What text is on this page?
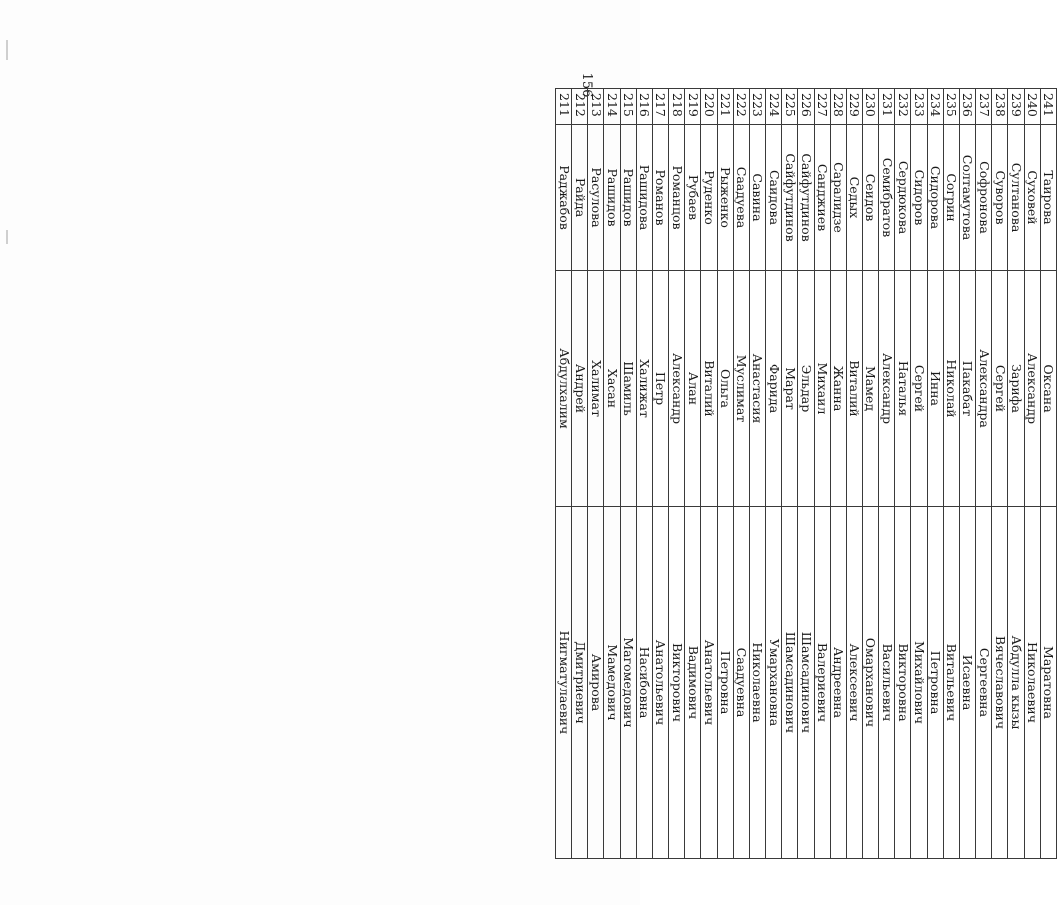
156
211	Раджабов	Абдулхалим	Нигматулаевич
212	Райда	Андрей	Дмитриевич
213	Расулова	Халимат	Амирова
214	Рашидов	Хасан	Мамедович
215	Рашидов	Шамиль	Магомедович
216	Рашидова	Халижат	Насибовна
217	Романов	Петр	Анатольевич
218	Романцов	Александр	Викторович
219	Рубаев	Алан	Вадимович
220	Руденко	Виталий	Анатольевич
221	Рыженко	Ольга	Петровна
222	Саадуева	Муслимат	Саадуевна
223	Савина	Анастасия	Николаевна
224	Саидова	Фарида	Умархановна
225	Сайфутдинов	Марат	Шамсадинович
226	Сайфутдинов	Эльдар	Шамсадинович
227	Санджиев	Михаил	Валериевич
228	Саралидзе	Жанна	Андреевна
229	Седых	Виталий	Алексеевич
230	Сеидов	Мамед	Омарханович
231	Семибратов	Александр	Васильевич
232	Сердюкова	Наталья	Викторовна
233	Сидоров	Сергей	Михайлович
234	Сидорова	Инна	Петровна
235	Согрин	Николай	Витальевич
236	Солтамутова	Пакабат	Исаевна
237	Софронова	Александра	Сергеевна
238	Суворов	Сергей	Вячеславович
239	Султанова	Зарифа	Абдулла кызы
240	Суховей	Александр	Николаевич
241	Таирова	Оксана	Маратовна
